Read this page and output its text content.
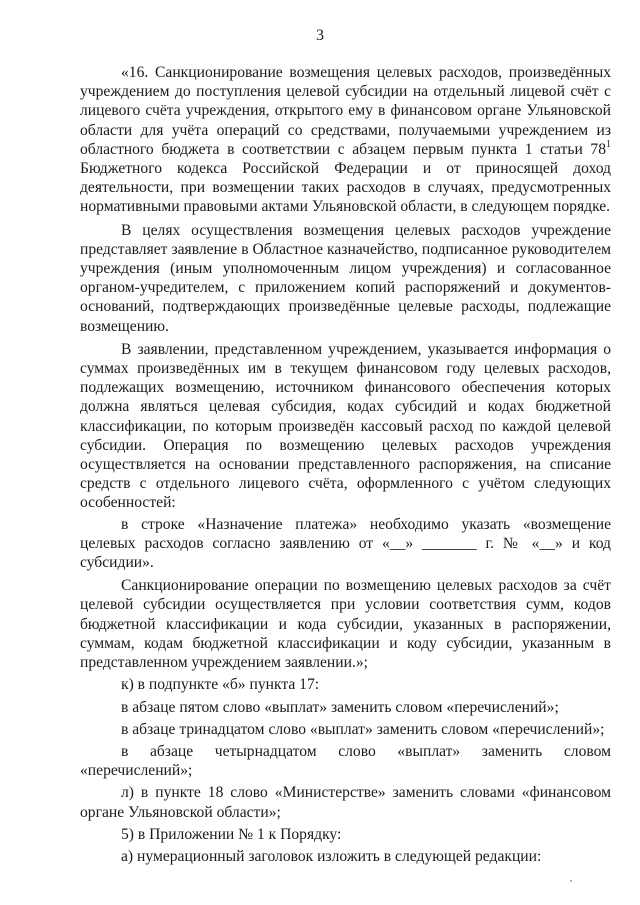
3

«16. Санкционирование возмещения целевых расходов, произведённых учреждением до поступления целевой субсидии на отдельный лицевой счёт с лицевого счёта учреждения, открытого ему в финансовом органе Ульяновской области для учёта операций со средствами, получаемыми учреждением из областного бюджета в соответствии с абзацем первым пункта 1 статьи $78^1$ Бюджетного кодекса Российской Федерации и от приносящей доход деятельности, при возмещении таких расходов в случаях, предусмотренных нормативными правовыми актами Ульяновской области, в следующем порядке.

В целях осуществления возмещения целевых расходов учреждение представляет заявление в Областное казначейство, подписанное руководителем учреждения (иным уполномоченным лицом учреждения) и согласованное органом-учредителем, с приложением копий распоряжений и документов-оснований, подтверждающих произведённые целевые расходы, подлежащие возмещению.

В заявлении, представленном учреждением, указывается информация о суммах произведённых им в текущем финансовом году целевых расходов, подлежащих возмещению, источником финансового обеспечения которых должна являться целевая субсидия, кодах субсидий и кодах бюджетной классификации, по которым произведён кассовый расход по каждой целевой субсидии. Операция по возмещению целевых расходов учреждения осуществляется на основании представленного распоряжения, на списание средств с отдельного лицевого счёта, оформленного с учётом следующих особенностей:

в строке «Назначение платежа» необходимо указать «возмещение целевых расходов согласно заявлению от «__» _______ г. № «__» и код субсидии».

Санкционирование операции по возмещению целевых расходов за счёт целевой субсидии осуществляется при условии соответствия сумм, кодов бюджетной классификации и кода субсидии, указанных в распоряжении, суммам, кодам бюджетной классификации и коду субсидии, указанным в представленном учреждением заявлении.»;

к) в подпункте «б» пункта 17:

в абзаце пятом слово «выплат» заменить словом «перечислений»;

в абзаце тринадцатом слово «выплат» заменить словом «перечислений»;

в абзаце четырнадцатом слово «выплат» заменить словом «перечислений»;

л) в пункте 18 слово «Министерстве» заменить словами «финансовом органе Ульяновской области»;

5) в Приложении № 1 к Порядку:

а) нумерационный заголовок изложить в следующей редакции:
